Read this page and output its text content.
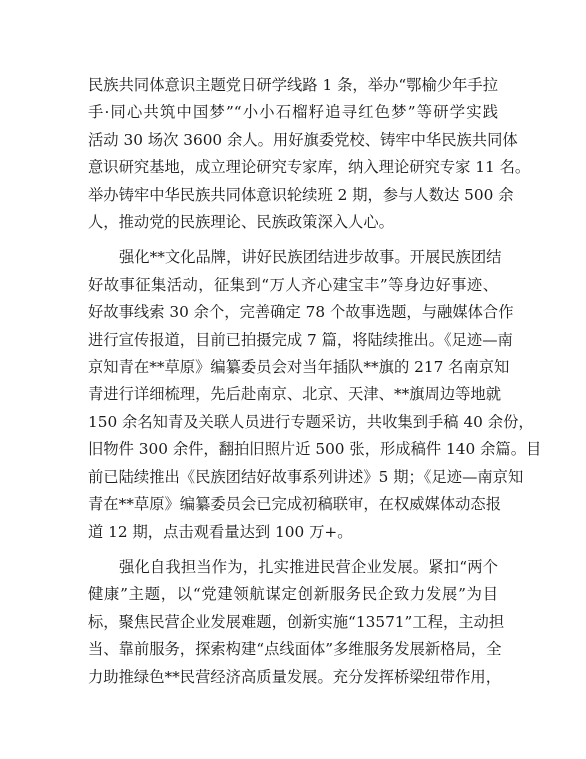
民族共同体意识主题党日研学线路 1 条，举办“鄂榆少年手拉
手·同心共筑中国梦”“小小石榴籽追寻红色梦”等研学实践
活动 30 场次 3600 余人。用好旗委党校、铸牢中华民族共同体
意识研究基地，成立理论研究专家库，纳入理论研究专家 11 名。
举办铸牢中华民族共同体意识轮续班 2 期，参与人数达 500 余
人，推动党的民族理论、民族政策深入人心。
强化**文化品牌，讲好民族团结进步故事。开展民族团结
好故事征集活动，征集到“万人齐心建宝丰”等身边好事迹、
好故事线索 30 余个，完善确定 78 个故事选题，与融媒体合作
进行宣传报道，目前已拍摄完成 7 篇，将陆续推出。《足迹—南
京知青在**草原》编纂委员会对当年插队**旗的 217 名南京知
青进行详细梳理，先后赴南京、北京、天津、**旗周边等地就
150 余名知青及关联人员进行专题采访，共收集到手稿 40 余份，
旧物件 300 余件，翻拍旧照片近 500 张，形成稿件 140 余篇。目
前已陆续推出《民族团结好故事系列讲述》5 期；《足迹—南京知
青在**草原》编纂委员会已完成初稿联审，在权威媒体动态报
道 12 期，点击观看量达到 100 万+。
强化自我担当作为，扎实推进民营企业发展。紧扣“两个
健康”主题，以“党建领航谋定创新服务民企致力发展”为目
标，聚焦民营企业发展难题，创新实施“13571”工程，主动担
当、靠前服务，探索构建“点线面体”多维服务发展新格局，全
力助推绿色**民营经济高质量发展。充分发挥桥梁纽带作用，
